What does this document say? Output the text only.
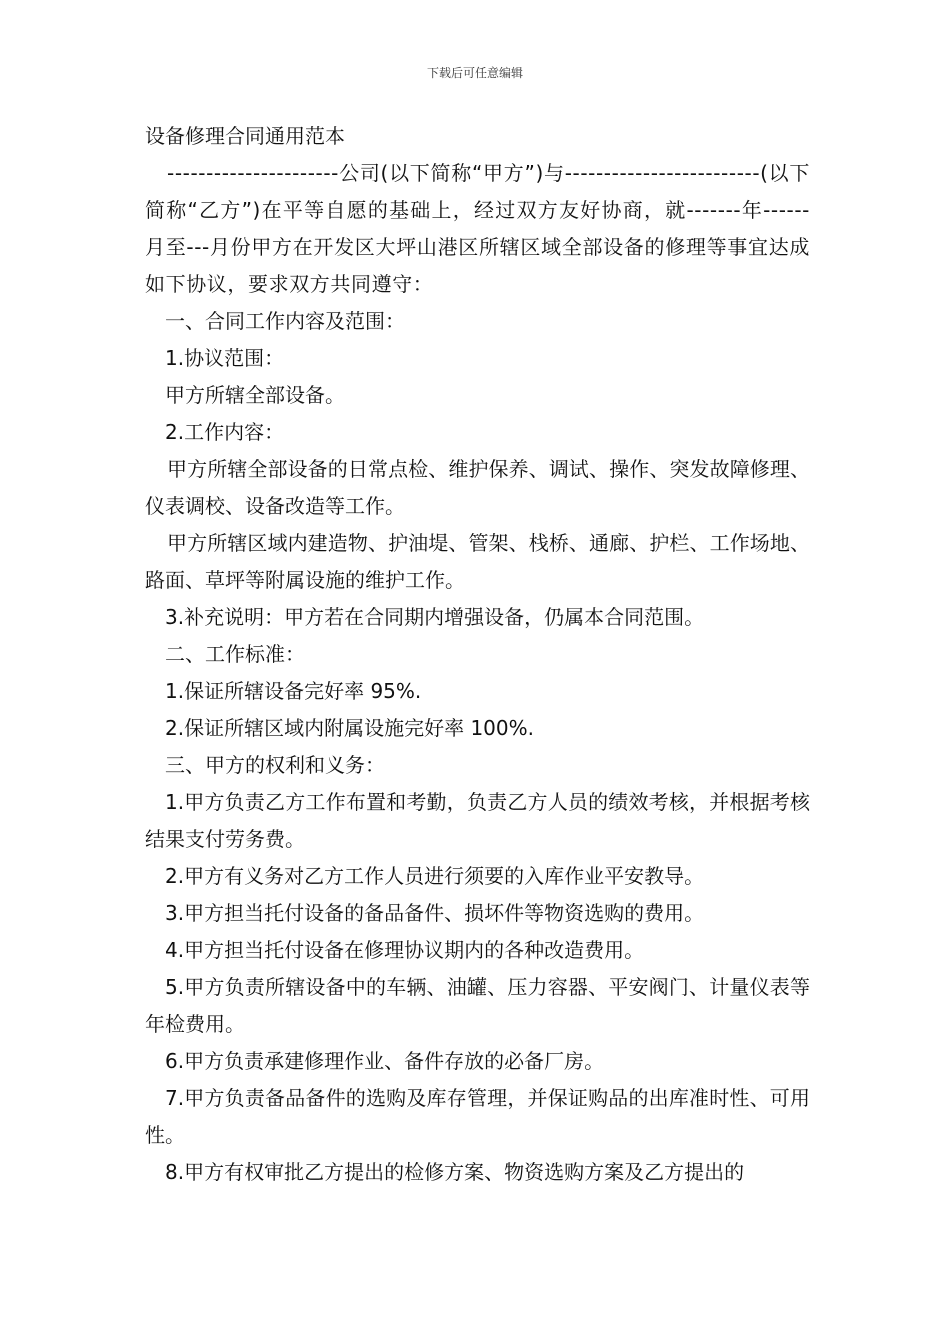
下载后可任意编辑

设备修理合同通用范本

----------------------公司(以下简称“甲方”)与-------------------------(以下简称“乙方”)在平等自愿的基础上，经过双方友好协商，就-------年------月至---月份甲方在开发区大坪山港区所辖区域全部设备的修理等事宜达成如下协议，要求双方共同遵守：

一、合同工作内容及范围：

1.协议范围：

甲方所辖全部设备。

2.工作内容：

甲方所辖全部设备的日常点检、维护保养、调试、操作、突发故障修理、仪表调校、设备改造等工作。

甲方所辖区域内建造物、护油堤、管架、栈桥、通廊、护栏、工作场地、路面、草坪等附属设施的维护工作。

3.补充说明：甲方若在合同期内增强设备，仍属本合同范围。

二、工作标准：

1.保证所辖设备完好率 95%.

2.保证所辖区域内附属设施完好率 100%.

三、甲方的权利和义务：

1.甲方负责乙方工作布置和考勤，负责乙方人员的绩效考核，并根据考核结果支付劳务费。

2.甲方有义务对乙方工作人员进行须要的入库作业平安教导。

3.甲方担当托付设备的备品备件、损坏件等物资选购的费用。

4.甲方担当托付设备在修理协议期内的各种改造费用。

5.甲方负责所辖设备中的车辆、油罐、压力容器、平安阀门、计量仪表等年检费用。

6.甲方负责承建修理作业、备件存放的必备厂房。

7.甲方负责备品备件的选购及库存管理，并保证购品的出库准时性、可用性。

8.甲方有权审批乙方提出的检修方案、物资选购方案及乙方提出的
